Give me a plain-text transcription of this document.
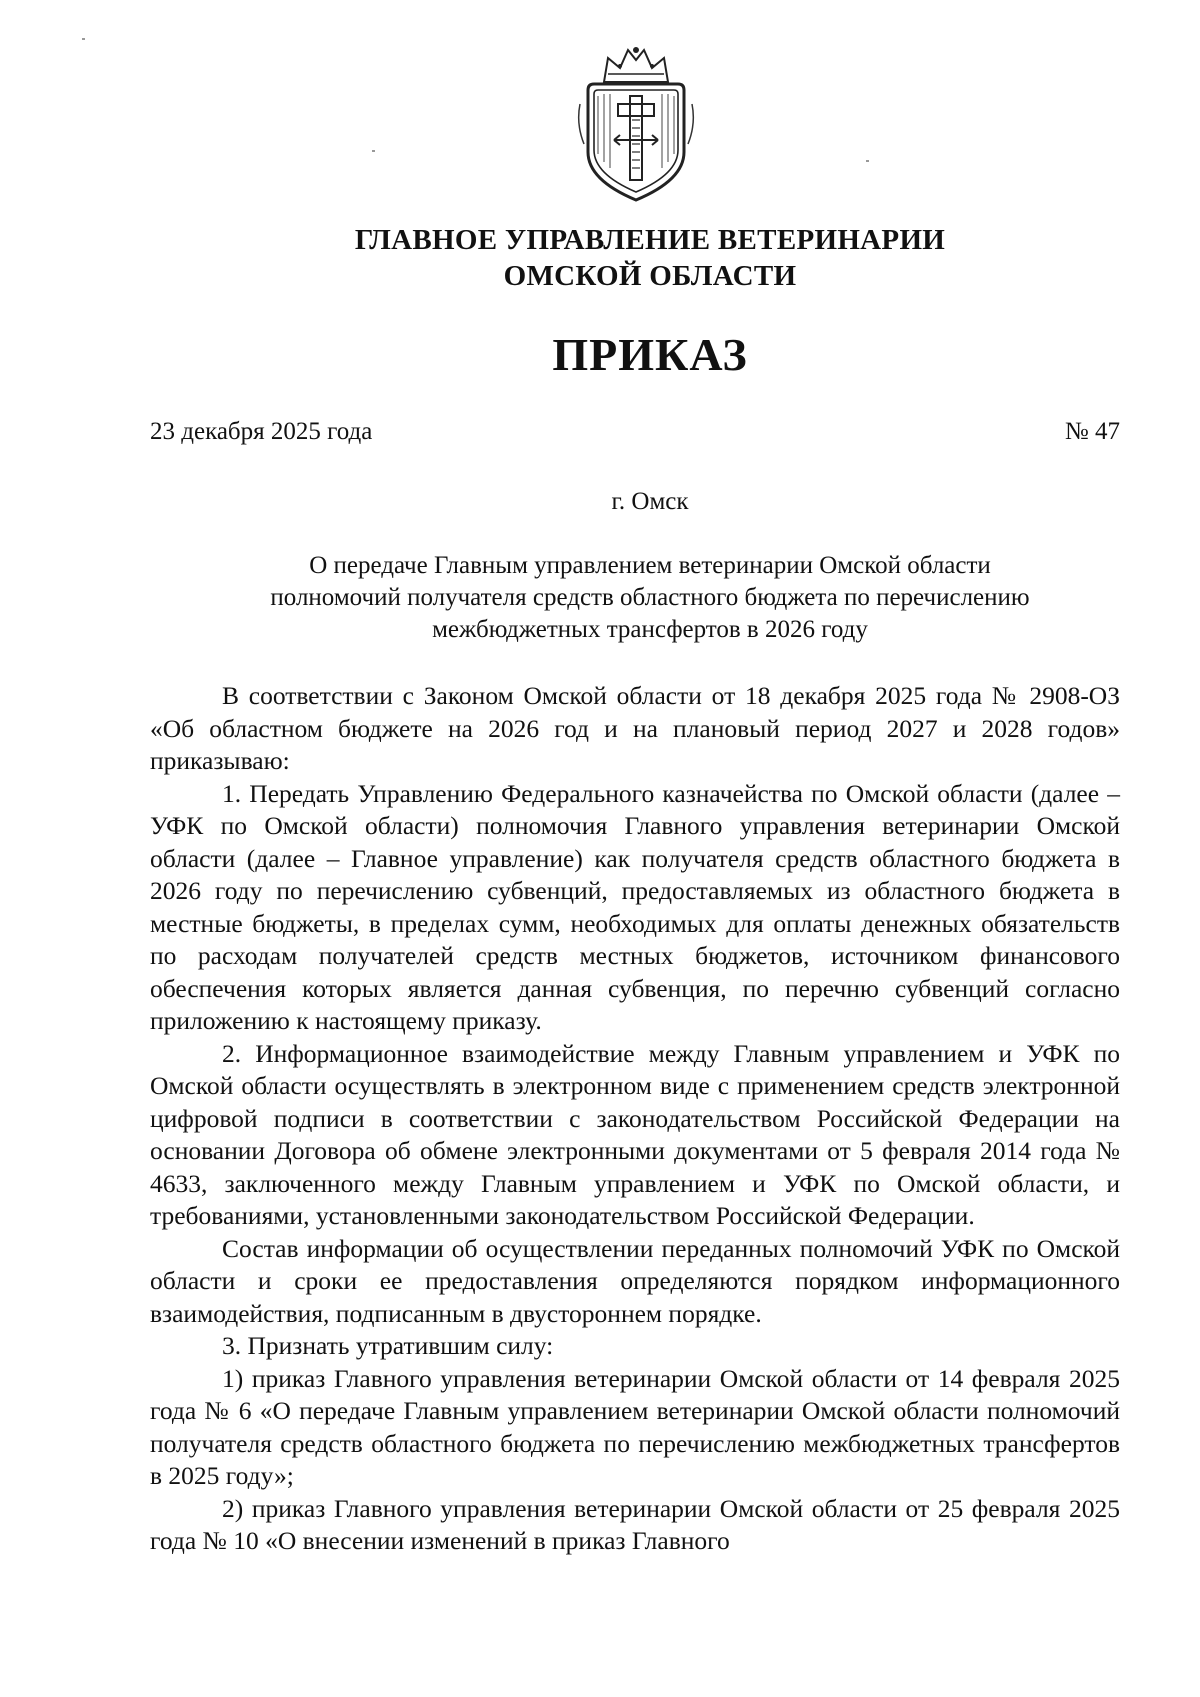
ГЛАВНОЕ УПРАВЛЕНИЕ ВЕТЕРИНАРИИ
ОМСКОЙ ОБЛАСТИ
ПРИКАЗ
23 декабря 2025 года	№ 47
г. Омск
О передаче Главным управлением ветеринарии Омской области
полномочий получателя средств областного бюджета по перечислению
межбюджетных трансфертов в 2026 году

В соответствии с Законом Омской области от 18 декабря 2025 года № 2908-ОЗ «Об областном бюджете на 2026 год и на плановый период 2027 и 2028 годов» приказываю:

1. Передать Управлению Федерального казначейства по Омской области (далее – УФК по Омской области) полномочия Главного управления ветеринарии Омской области (далее – Главное управление) как получателя средств областного бюджета в 2026 году по перечислению субвенций, предоставляемых из областного бюджета в местные бюджеты, в пределах сумм, необходимых для оплаты денежных обязательств по расходам получателей средств местных бюджетов, источником финансового обеспечения которых является данная субвенция, по перечню субвенций согласно приложению к настоящему приказу.

2. Информационное взаимодействие между Главным управлением и УФК по Омской области осуществлять в электронном виде с применением средств электронной цифровой подписи в соответствии с законодательством Российской Федерации на основании Договора об обмене электронными документами от 5 февраля 2014 года № 4633, заключенного между Главным управлением и УФК по Омской области, и требованиями, установленными законодательством Российской Федерации.

Состав информации об осуществлении переданных полномочий УФК по Омской области и сроки ее предоставления определяются порядком информационного взаимодействия, подписанным в двустороннем порядке.

3. Признать утратившим силу:

1) приказ Главного управления ветеринарии Омской области от 14 февраля 2025 года № 6 «О передаче Главным управлением ветеринарии Омской области полномочий получателя средств областного бюджета по перечислению межбюджетных трансфертов в 2025 году»;

2) приказ Главного управления ветеринарии Омской области от 25 февраля 2025 года № 10 «О внесении изменений в приказ Главного
